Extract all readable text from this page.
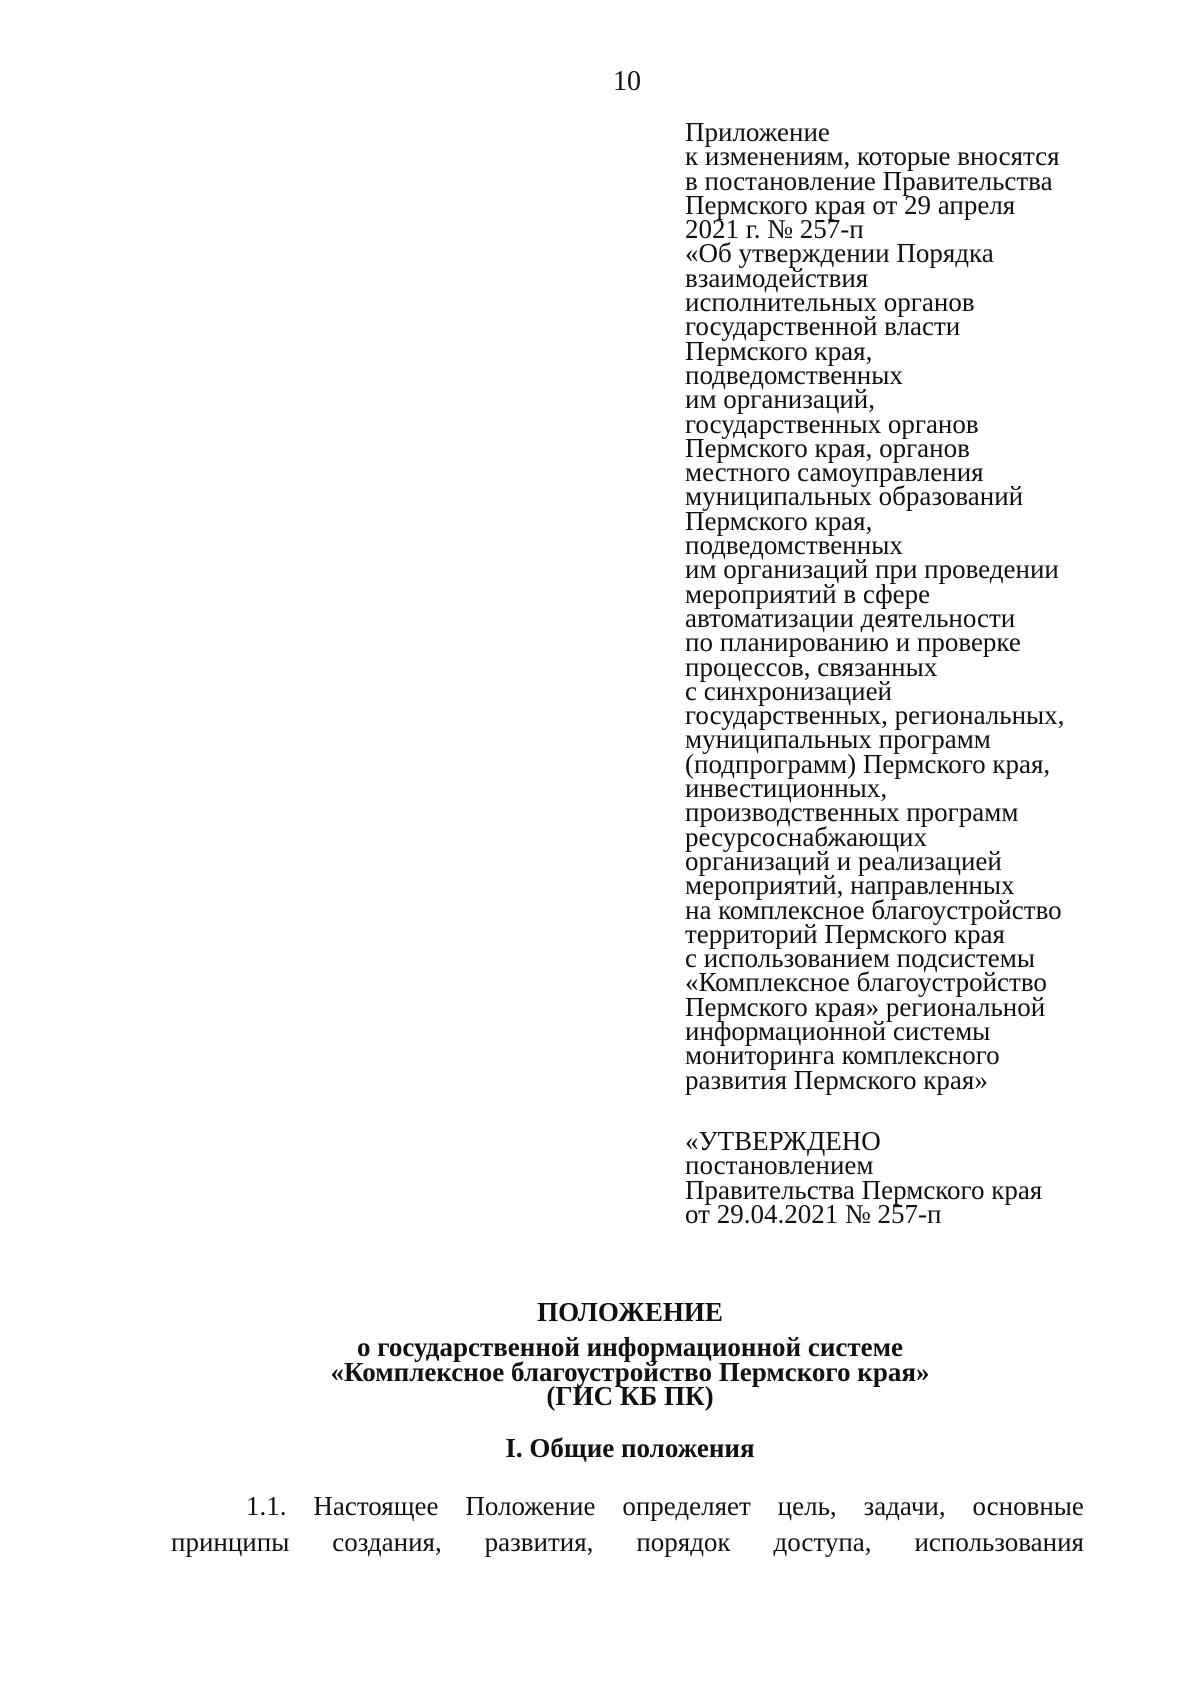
10
Приложение
к изменениям, которые вносятся
в постановление Правительства
Пермского края от 29 апреля
2021 г. № 257-п
«Об утверждении Порядка
взаимодействия
исполнительных органов
государственной власти
Пермского края,
подведомственных
им организаций,
государственных органов
Пермского края, органов
местного самоуправления
муниципальных образований
Пермского края,
подведомственных
им организаций при проведении
мероприятий в сфере
автоматизации деятельности
по планированию и проверке
процессов, связанных
с синхронизацией
государственных, региональных,
муниципальных программ
(подпрограмм) Пермского края,
инвестиционных,
производственных программ
ресурсоснабжающих
организаций и реализацией
мероприятий, направленных
на комплексное благоустройство
территорий Пермского края
с использованием подсистемы
«Комплексное благоустройство
Пермского края» региональной
информационной системы
мониторинга комплексного
развития Пермского края»
«УТВЕРЖДЕНО
постановлением
Правительства Пермского края
от 29.04.2021 № 257-п
ПОЛОЖЕНИЕ
о государственной информационной системе
«Комплексное благоустройство Пермского края»
(ГИС КБ ПК)
I. Общие положения
1.1. Настоящее Положение определяет цель, задачи, основные
принципы создания, развития, порядок доступа, использования
